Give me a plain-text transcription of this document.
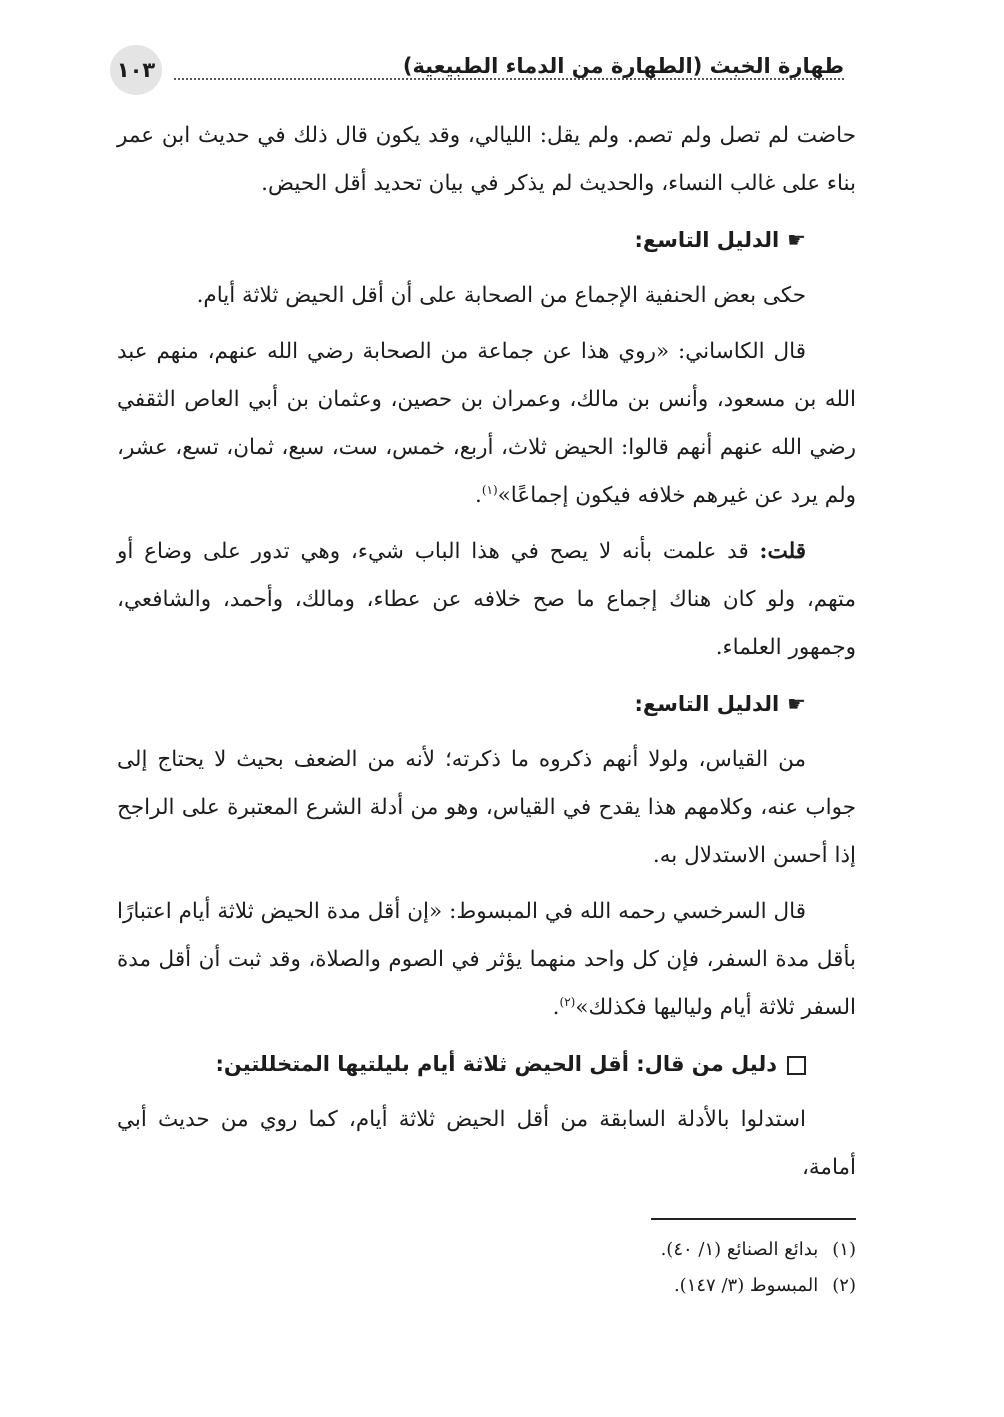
طهارة الخبث (الطهارة من الدماء الطبيعية)
١٠٣

حاضت لم تصل ولم تصم. ولم يقل: الليالي، وقد يكون قال ذلك في حديث ابن عمر بناء على غالب النساء، والحديث لم يذكر في بيان تحديد أقل الحيض.

☛الدليل التاسع:

حكى بعض الحنفية الإجماع من الصحابة على أن أقل الحيض ثلاثة أيام.

قال الكاساني: «روي هذا عن جماعة من الصحابة رضي الله عنهم، منهم عبد الله بن مسعود، وأنس بن مالك، وعمران بن حصين، وعثمان بن أبي العاص الثقفي رضي الله عنهم أنهم قالوا: الحيض ثلاث، أربع، خمس، ست، سبع، ثمان، تسع، عشر، ولم يرد عن غيرهم خلافه فيكون إجماعًا»$^{(١)}$.

قلت: قد علمت بأنه لا يصح في هذا الباب شيء، وهي تدور على وضاع أو متهم، ولو كان هناك إجماع ما صح خلافه عن عطاء، ومالك، وأحمد، والشافعي، وجمهور العلماء.

☛الدليل التاسع:

من القياس، ولولا أنهم ذكروه ما ذكرته؛ لأنه من الضعف بحيث لا يحتاج إلى جواب عنه، وكلامهم هذا يقدح في القياس، وهو من أدلة الشرع المعتبرة على الراجح إذا أحسن الاستدلال به.

قال السرخسي رحمه الله في المبسوط: «إن أقل مدة الحيض ثلاثة أيام اعتبارًا بأقل مدة السفر، فإن كل واحد منهما يؤثر في الصوم والصلاة، وقد ثبت أن أقل مدة السفر ثلاثة أيام ولياليها فكذلك»$^{(٢)}$.

دليل من قال: أقل الحيض ثلاثة أيام بليلتيها المتخللتين:

استدلوا بالأدلة السابقة من أقل الحيض ثلاثة أيام، كما روي من حديث أبي أمامة،

(١)بدائع الصنائع (١/ ٤٠).
(٢)المبسوط (٣/ ١٤٧).
